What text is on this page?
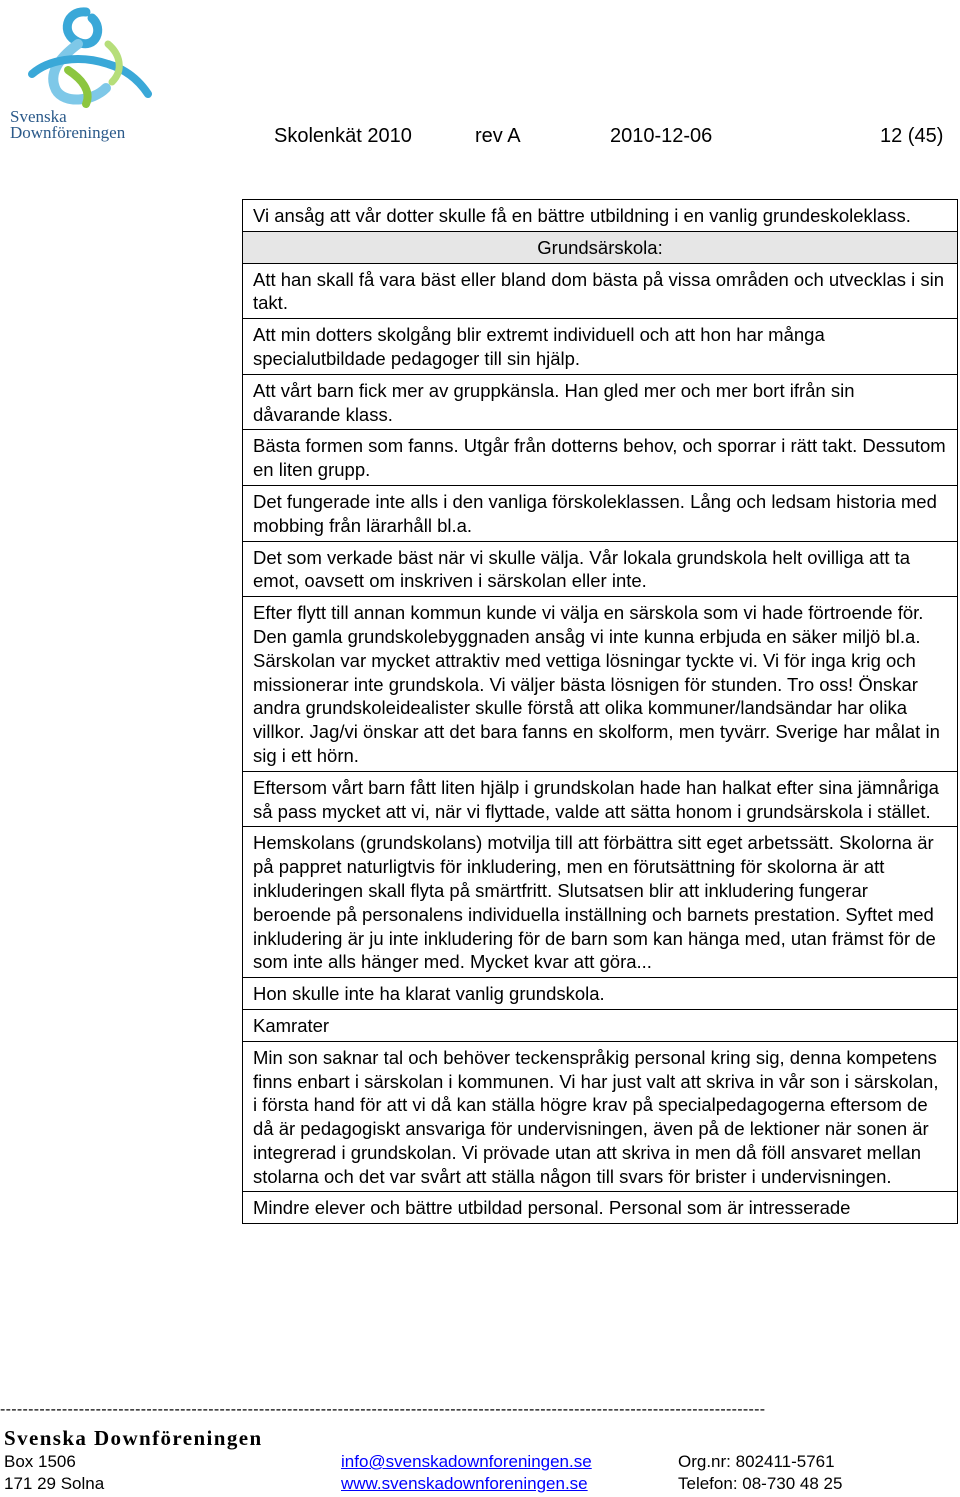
Svenska
Downföreningen	Skolenkät 2010	rev A	2010-12-06	12 (45)
Vi ansåg att vår dotter skulle få en bättre utbildning i en vanlig grundeskoleklass.
Grundsärskola:
Att han skall få vara bäst eller bland dom bästa på vissa områden och utvecklas i sin takt.
Att min dotters skolgång blir extremt individuell och att hon har många specialutbildade pedagoger till sin hjälp.
Att vårt barn fick mer av gruppkänsla. Han gled mer och mer bort ifrån sin dåvarande klass.
Bästa formen som fanns. Utgår från dotterns behov, och sporrar i rätt takt. Dessutom en liten grupp.
Det fungerade inte alls i den vanliga förskoleklassen. Lång och ledsam historia med mobbing från lärarhåll bl.a.
Det som verkade bäst när vi skulle välja. Vår lokala grundskola helt ovilliga att ta emot, oavsett om inskriven i särskolan eller inte.
Efter flytt till annan kommun kunde vi välja en särskola som vi hade förtroende för. Den gamla grundskolebyggnaden ansåg vi inte kunna erbjuda en säker miljö bl.a. Särskolan var mycket attraktiv med vettiga lösningar tyckte vi. Vi för inga krig och missionerar inte grundskola. Vi väljer bästa lösnigen för stunden. Tro oss! Önskar andra grundskoleidealister skulle förstå att olika kommuner/landsändar har olika villkor. Jag/vi önskar att det bara fanns en skolform, men tyvärr. Sverige har målat in sig i ett hörn.
Eftersom vårt barn fått liten hjälp i grundskolan hade han halkat efter sina jämnåriga så pass mycket att vi, när vi flyttade, valde att sätta honom i grundsärskola i stället.
Hemskolans (grundskolans) motvilja till att förbättra sitt eget arbetssätt. Skolorna är på pappret naturligtvis för inkludering, men en förutsättning för skolorna är att inkluderingen skall flyta på smärtfritt. Slutsatsen blir att inkludering fungerar beroende på personalens individuella inställning och barnets prestation. Syftet med inkludering är ju inte inkludering för de barn som kan hänga med, utan främst för de som inte alls hänger med. Mycket kvar att göra...
Hon skulle inte ha klarat vanlig grundskola.
Kamrater
Min son saknar tal och behöver teckenspråkig personal kring sig, denna kompetens finns enbart i särskolan i kommunen. Vi har just valt att skriva in vår son i särskolan, i första hand för att vi då kan ställa högre krav på specialpedagogerna eftersom de då är pedagogiskt ansvariga för undervisningen, även på de lektioner när sonen är integrerad i grundskolan. Vi prövade utan att skriva in men då föll ansvaret mellan stolarna och det var svårt att ställa någon till svars för brister i undervisningen.

Mindre elever och bättre utbildad personal. Personal som är intresserade
----------------------------------------------------------------------------------------------------------------------------------------
Svenska Downföreningen
Box 1506
171 29 Solna
info@svenskadownforeningen.se
www.svenskadownforeningen.se
Org.nr: 802411-5761
Telefon: 08-730 48 25
